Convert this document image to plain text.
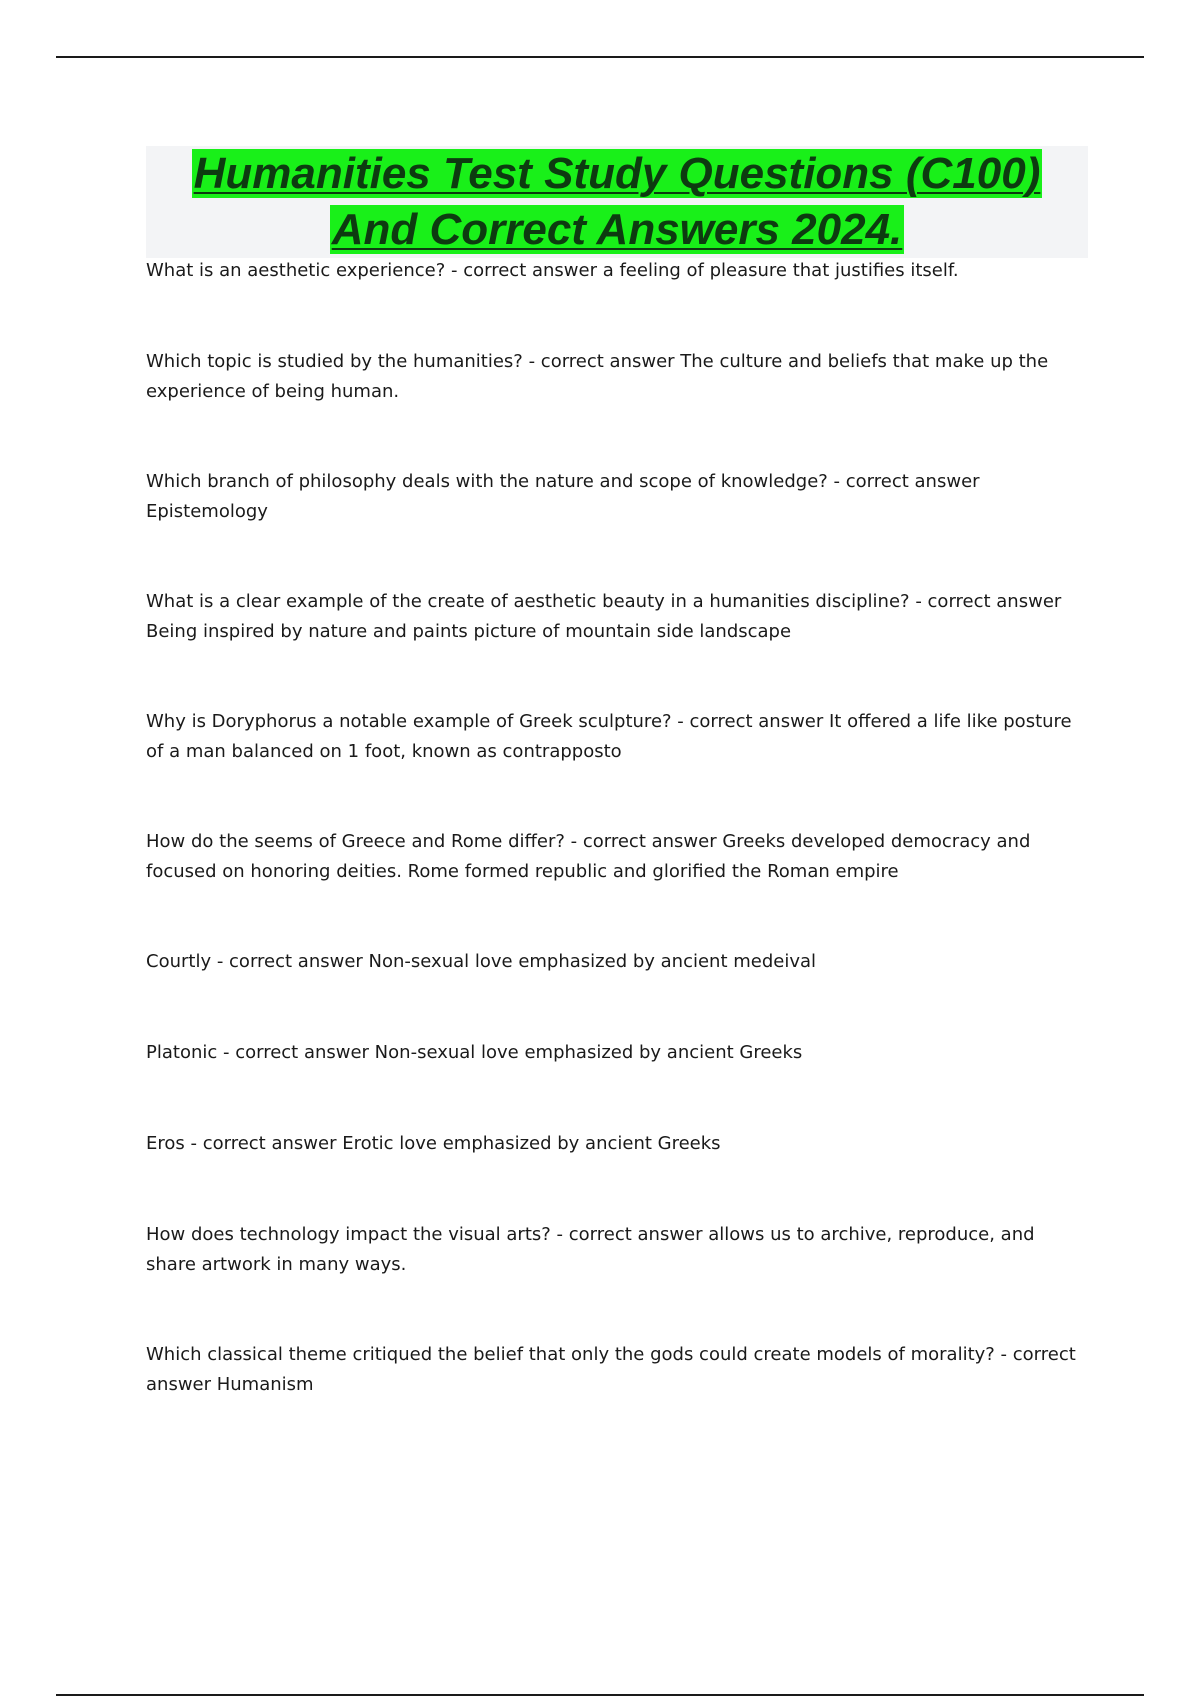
Humanities Test Study Questions (C100)
And Correct Answers 2024.

What is an aesthetic experience? - correct answer a feeling of pleasure that justifies itself.

Which topic is studied by the humanities? - correct answer The culture and beliefs that make up the experience of being human.

Which branch of philosophy deals with the nature and scope of knowledge? - correct answer Epistemology

What is a clear example of the create of aesthetic beauty in a humanities discipline? - correct answer Being inspired by nature and paints picture of mountain side landscape

Why is Doryphorus a notable example of Greek sculpture? - correct answer It offered a life like posture of a man balanced on 1 foot, known as contrapposto

How do the seems of Greece and Rome differ? - correct answer Greeks developed democracy and focused on honoring deities. Rome formed republic and glorified the Roman empire

Courtly - correct answer Non-sexual love emphasized by ancient medeival

Platonic - correct answer Non-sexual love emphasized by ancient Greeks

Eros - correct answer Erotic love emphasized by ancient Greeks

How does technology impact the visual arts? - correct answer allows us to archive, reproduce, and share artwork in many ways.

Which classical theme critiqued the belief that only the gods could create models of morality? - correct answer Humanism
